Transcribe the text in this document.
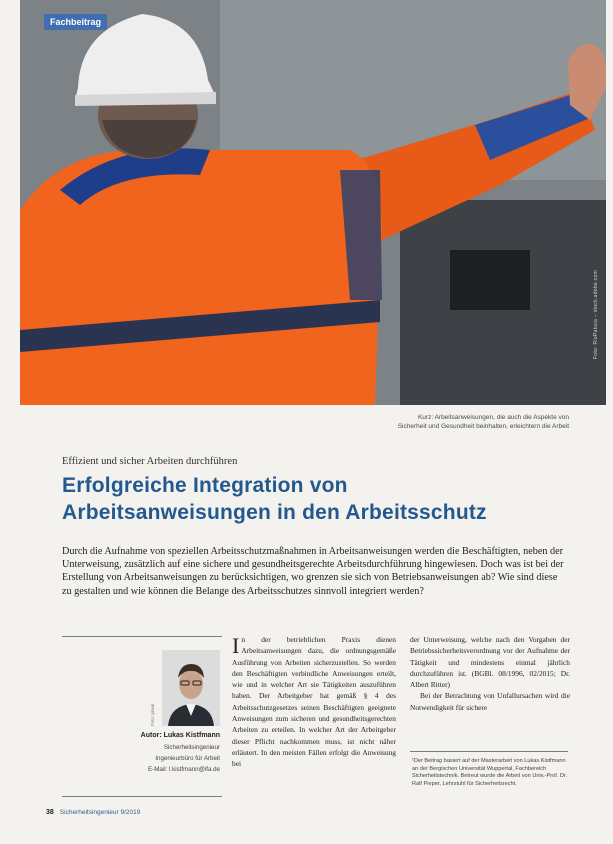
Fachbeitrag
Foto: RioPatuca – stock.adobe.com
Kurz: Arbeitsanweisungen, die auch die Aspekte von
Sicherheit und Gesundheit beinhalten, erleichtern die Arbeit
Effizient und sicher Arbeiten durchführen
Erfolgreiche Integration von
Arbeitsanweisungen in den Arbeitsschutz
Durch die Aufnahme von speziellen Arbeitsschutzmaßnahmen in Arbeitsanweisungen werden die Beschäftigten, neben der Unterweisung, zusätzlich auf eine sichere und gesundheitsgerechte Arbeitsdurchführung hingewiesen. Doch was ist bei der Erstellung von Arbeitsanweisungen zu berücksichtigen, wo grenzen sie sich von Betriebsanweisungen ab? Wie sind diese zu gestalten und wie können die Belange des Arbeitsschutzes sinnvoll integriert werden?
Foto: privat
Autor: Lukas Kistfmann
Sicherheitsingenieur
Ingenieurbüro für Arbeit
E-Mail: l.kistfmann@ifa.de

In der betrieblichen Praxis dienen Arbeitsanweisungen dazu, die ordnungsgemäße Ausführung von Arbeiten sicherzustellen. So werden den Beschäftigten verbindliche Anweisungen erteilt, wie und in welcher Art sie Tätigkeiten auszuführen haben. Der Arbeitgeber hat gemäß § 4 des Arbeitsschutzgesetzes seinen Beschäftigten geeignete Anweisungen zum sicheren und gesundheitsgerechten Arbeiten zu erteilen. In welcher Art der Arbeitgeber dieser Pflicht nachkommen muss, ist nicht näher erläutert. In den meisten Fällen erfolgt die Anweisung bei

der Unterweisung, welche nach den Vorgaben der Betriebssicherheitsverordnung vor der Aufnahme der Tätigkeit und mindestens einmal jährlich durchzuführen ist. (BGBl. 08/1996, 02/2015; Dr. Albert Ritter)

Bei der Betrachtung von Unfallursachen wird die Notwendigkeit für sichere

¹Der Beitrag basiert auf der Masterarbeit von Lukas Kistfmann an der Bergischen Universität Wuppertal, Fachbereich Sicherheitstechnik. Betreut wurde die Arbeit von Univ.-Prof. Dr. Ralf Pieper, Lehrstuhl für Sicherheitsrecht.
38 Sicherheitsingenieur 9/2019
